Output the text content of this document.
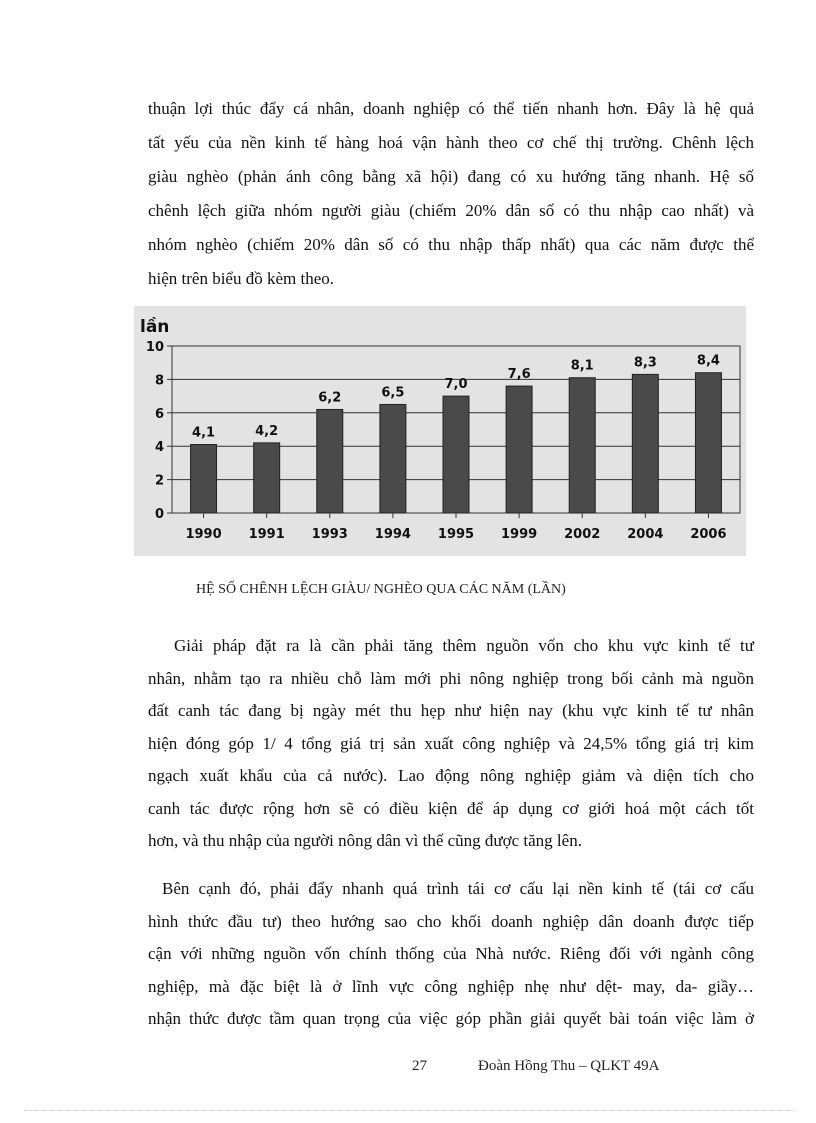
thuận lợi thúc đẩy cá nhân, doanh nghiệp có thể tiến nhanh hơn. Đây là hệ quả
tất yếu của nền kinh tế hàng hoá vận hành theo cơ chế thị trường. Chênh lệch
giàu nghèo (phản ánh công bằng xã hội) đang có xu hướng tăng nhanh. Hệ số
chênh lệch giữa nhóm người giàu (chiếm 20% dân số có thu nhập cao nhất) và
nhóm nghèo (chiếm 20% dân số có thu nhập thấp nhất) qua các năm được thể
hiện trên biểu đồ kèm theo.
0
2
4
6
8
10
lần
4,1
1990
4,2
1991
6,2
1993
6,5
1994
7,0
1995
7,6
1999
8,1
2002
8,3
2004
8,4
2006
HỆ SỐ CHÊNH LỆCH GIÀU/ NGHÈO QUA CÁC NĂM (LẦN)
Giải pháp đặt ra là cần phải tăng thêm nguồn vốn cho khu vực kinh tế tư
nhân, nhằm tạo ra nhiều chỗ làm mới phi nông nghiệp trong bối cảnh mà nguồn
đất canh tác đang bị ngày mét thu hẹp như hiện nay (khu vực kinh tế tư nhân
hiện đóng góp 1/ 4 tổng giá trị sản xuất công nghiệp và 24,5% tổng giá trị kim
ngạch xuất khẩu của cả nước). Lao động nông nghiệp giảm và diện tích cho
canh tác được rộng hơn sẽ có điều kiện để áp dụng cơ giới hoá một cách tốt
hơn, và thu nhập của người nông dân vì thế cũng được tăng lên.
Bên cạnh đó, phải đẩy nhanh quá trình tái cơ cấu lại nền kinh tế (tái cơ cấu
hình thức đầu tư) theo hướng sao cho khối doanh nghiệp dân doanh được tiếp
cận với những nguồn vốn chính thống của Nhà nước. Riêng đối với ngành công
nghiệp, mà đặc biệt là ở lĩnh vực công nghiệp nhẹ như dệt- may, da- giầy…
nhận thức được tầm quan trọng của việc góp phần giải quyết bài toán việc làm ở
27	Đoàn Hồng Thu – QLKT 49A
